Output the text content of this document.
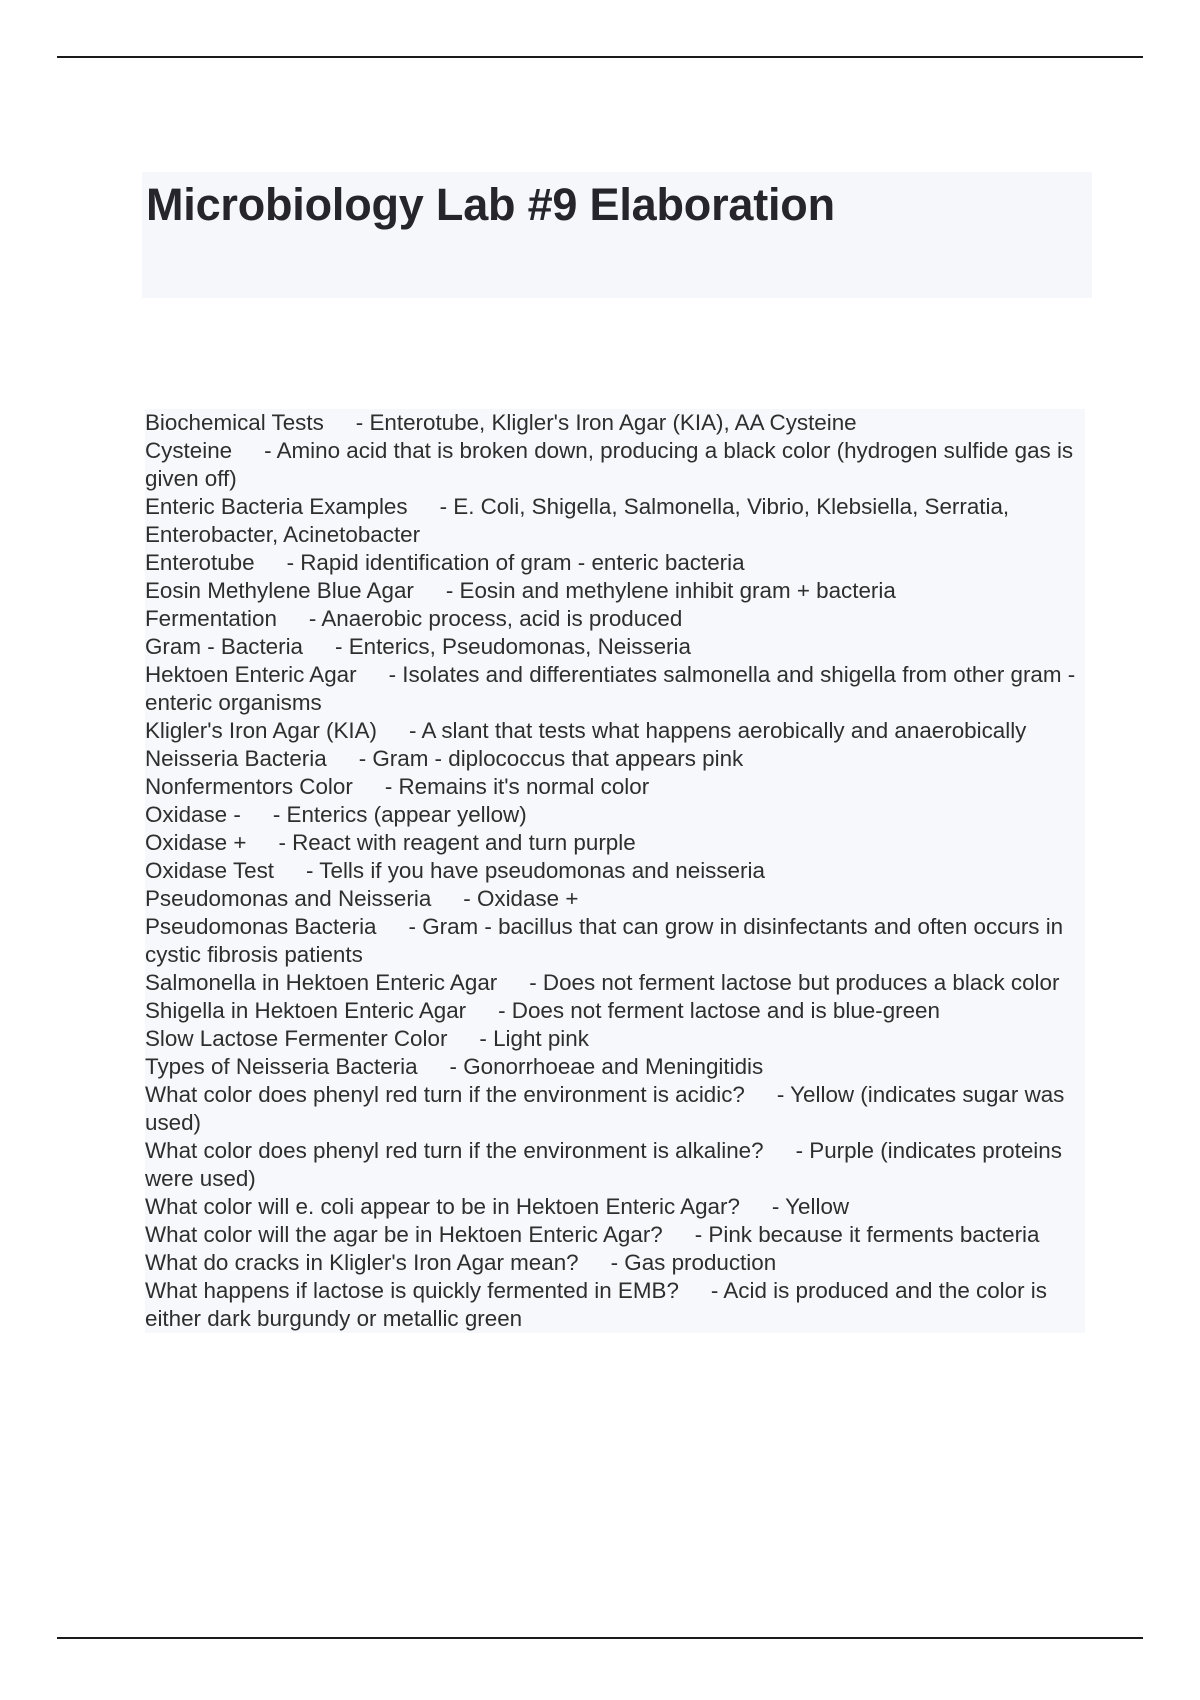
Microbiology Lab #9 Elaboration
Biochemical Tests - Enterotube, Kligler's Iron Agar (KIA), AA Cysteine
Cysteine - Amino acid that is broken down, producing a black color (hydrogen sulfide gas is given off)
Enteric Bacteria Examples - E. Coli, Shigella, Salmonella, Vibrio, Klebsiella, Serratia, Enterobacter, Acinetobacter
Enterotube - Rapid identification of gram - enteric bacteria
Eosin Methylene Blue Agar - Eosin and methylene inhibit gram + bacteria
Fermentation - Anaerobic process, acid is produced
Gram - Bacteria - Enterics, Pseudomonas, Neisseria
Hektoen Enteric Agar - Isolates and differentiates salmonella and shigella from other gram - enteric organisms
Kligler's Iron Agar (KIA) - A slant that tests what happens aerobically and anaerobically
Neisseria Bacteria - Gram - diplococcus that appears pink
Nonfermentors Color - Remains it's normal color
Oxidase - - Enterics (appear yellow)
Oxidase + - React with reagent and turn purple
Oxidase Test - Tells if you have pseudomonas and neisseria
Pseudomonas and Neisseria - Oxidase +
Pseudomonas Bacteria - Gram - bacillus that can grow in disinfectants and often occurs in cystic fibrosis patients
Salmonella in Hektoen Enteric Agar - Does not ferment lactose but produces a black color
Shigella in Hektoen Enteric Agar - Does not ferment lactose and is blue-green
Slow Lactose Fermenter Color - Light pink
Types of Neisseria Bacteria - Gonorrhoeae and Meningitidis
What color does phenyl red turn if the environment is acidic? - Yellow (indicates sugar was used)
What color does phenyl red turn if the environment is alkaline? - Purple (indicates proteins were used)
What color will e. coli appear to be in Hektoen Enteric Agar? - Yellow
What color will the agar be in Hektoen Enteric Agar? - Pink because it ferments bacteria
What do cracks in Kligler's Iron Agar mean? - Gas production
What happens if lactose is quickly fermented in EMB? - Acid is produced and the color is either dark burgundy or metallic green
